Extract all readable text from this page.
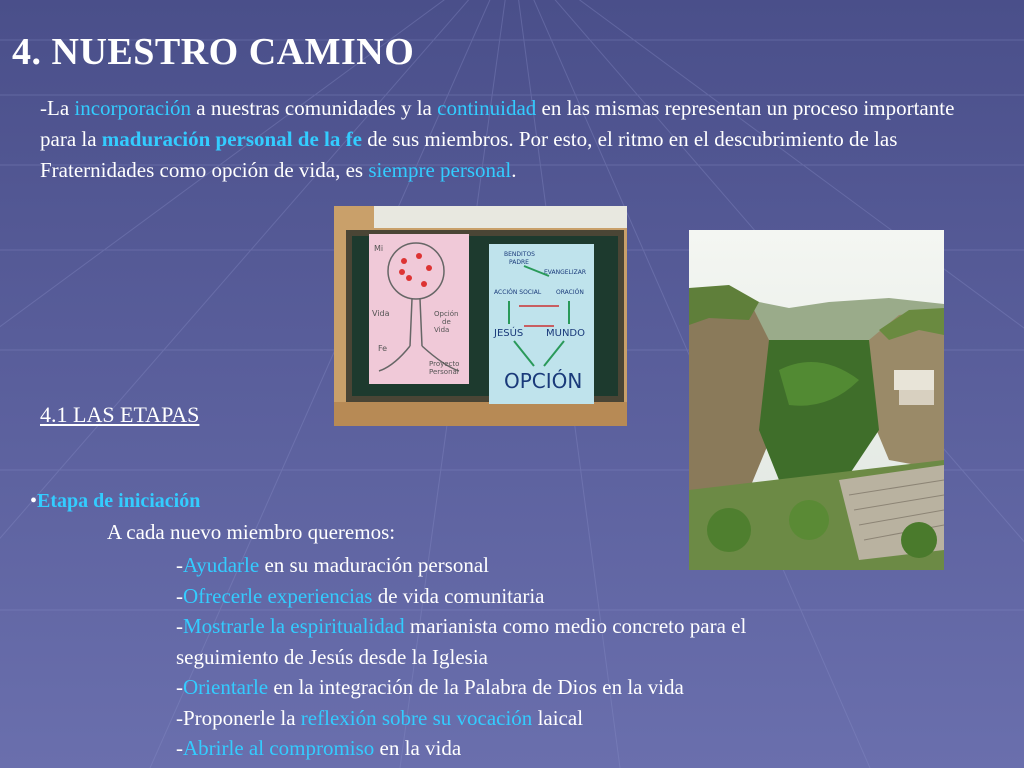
4. NUESTRO CAMINO
-La incorporación a nuestras comunidades y la continuidad en las mismas representan un proceso importante para la maduración personal de la fe de sus miembros. Por esto, el ritmo en el descubrimiento de las Fraternidades como opción de vida, es siempre personal.
Mi
Vida
Fe
Opción
de
Vida
Proyecto
Personal
BENDITOS
PADRE
EVANGELIZAR
ACCIÓN SOCIAL ORACIÓN
JESÚS MUNDO
OPCIÓN
4.1 LAS ETAPAS
•Etapa de iniciación
A cada nuevo miembro queremos:
-Ayudarle en su maduración personal
-Ofrecerle experiencias de vida comunitaria
-Mostrarle la espiritualidad marianista como medio concreto para el
seguimiento de Jesús desde la Iglesia
-Orientarle en la integración de la Palabra de Dios en la vida
-Proponerle la reflexión sobre su vocación laical
-Abrirle al compromiso en la vida
